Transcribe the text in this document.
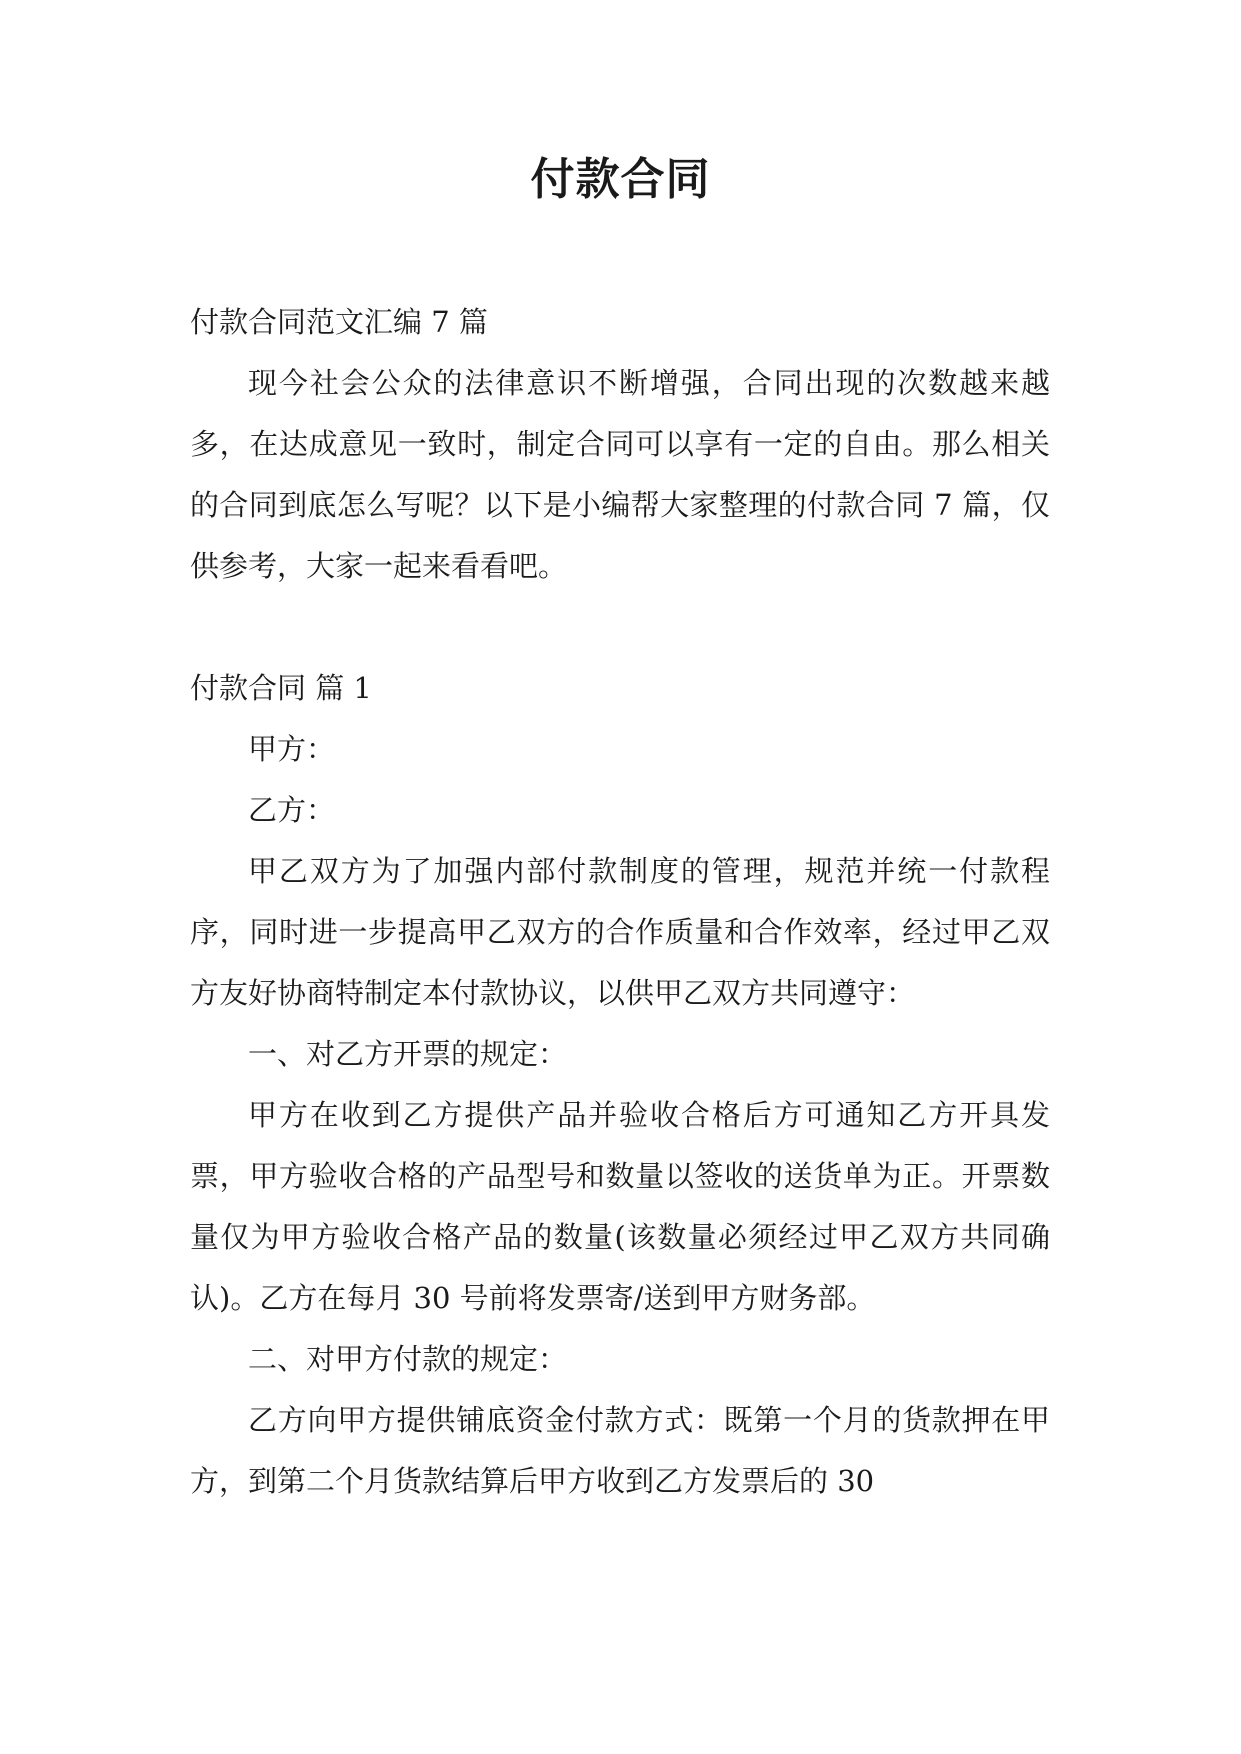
付款合同

付款合同范文汇编 7 篇

现今社会公众的法律意识不断增强，合同出现的次数越来越多，在达成意见一致时，制定合同可以享有一定的自由。那么相关的合同到底怎么写呢？以下是小编帮大家整理的付款合同 7 篇，仅供参考，大家一起来看看吧。

付款合同 篇 1

甲方：

乙方：

甲乙双方为了加强内部付款制度的管理，规范并统一付款程序，同时进一步提高甲乙双方的合作质量和合作效率，经过甲乙双方友好协商特制定本付款协议，以供甲乙双方共同遵守：

一、对乙方开票的规定：

甲方在收到乙方提供产品并验收合格后方可通知乙方开具发票，甲方验收合格的产品型号和数量以签收的送货单为正。开票数量仅为甲方验收合格产品的数量(该数量必须经过甲乙双方共同确认)。乙方在每月 30 号前将发票寄/送到甲方财务部。

二、对甲方付款的规定：

乙方向甲方提供铺底资金付款方式：既第一个月的货款押在甲方，到第二个月货款结算后甲方收到乙方发票后的 30
